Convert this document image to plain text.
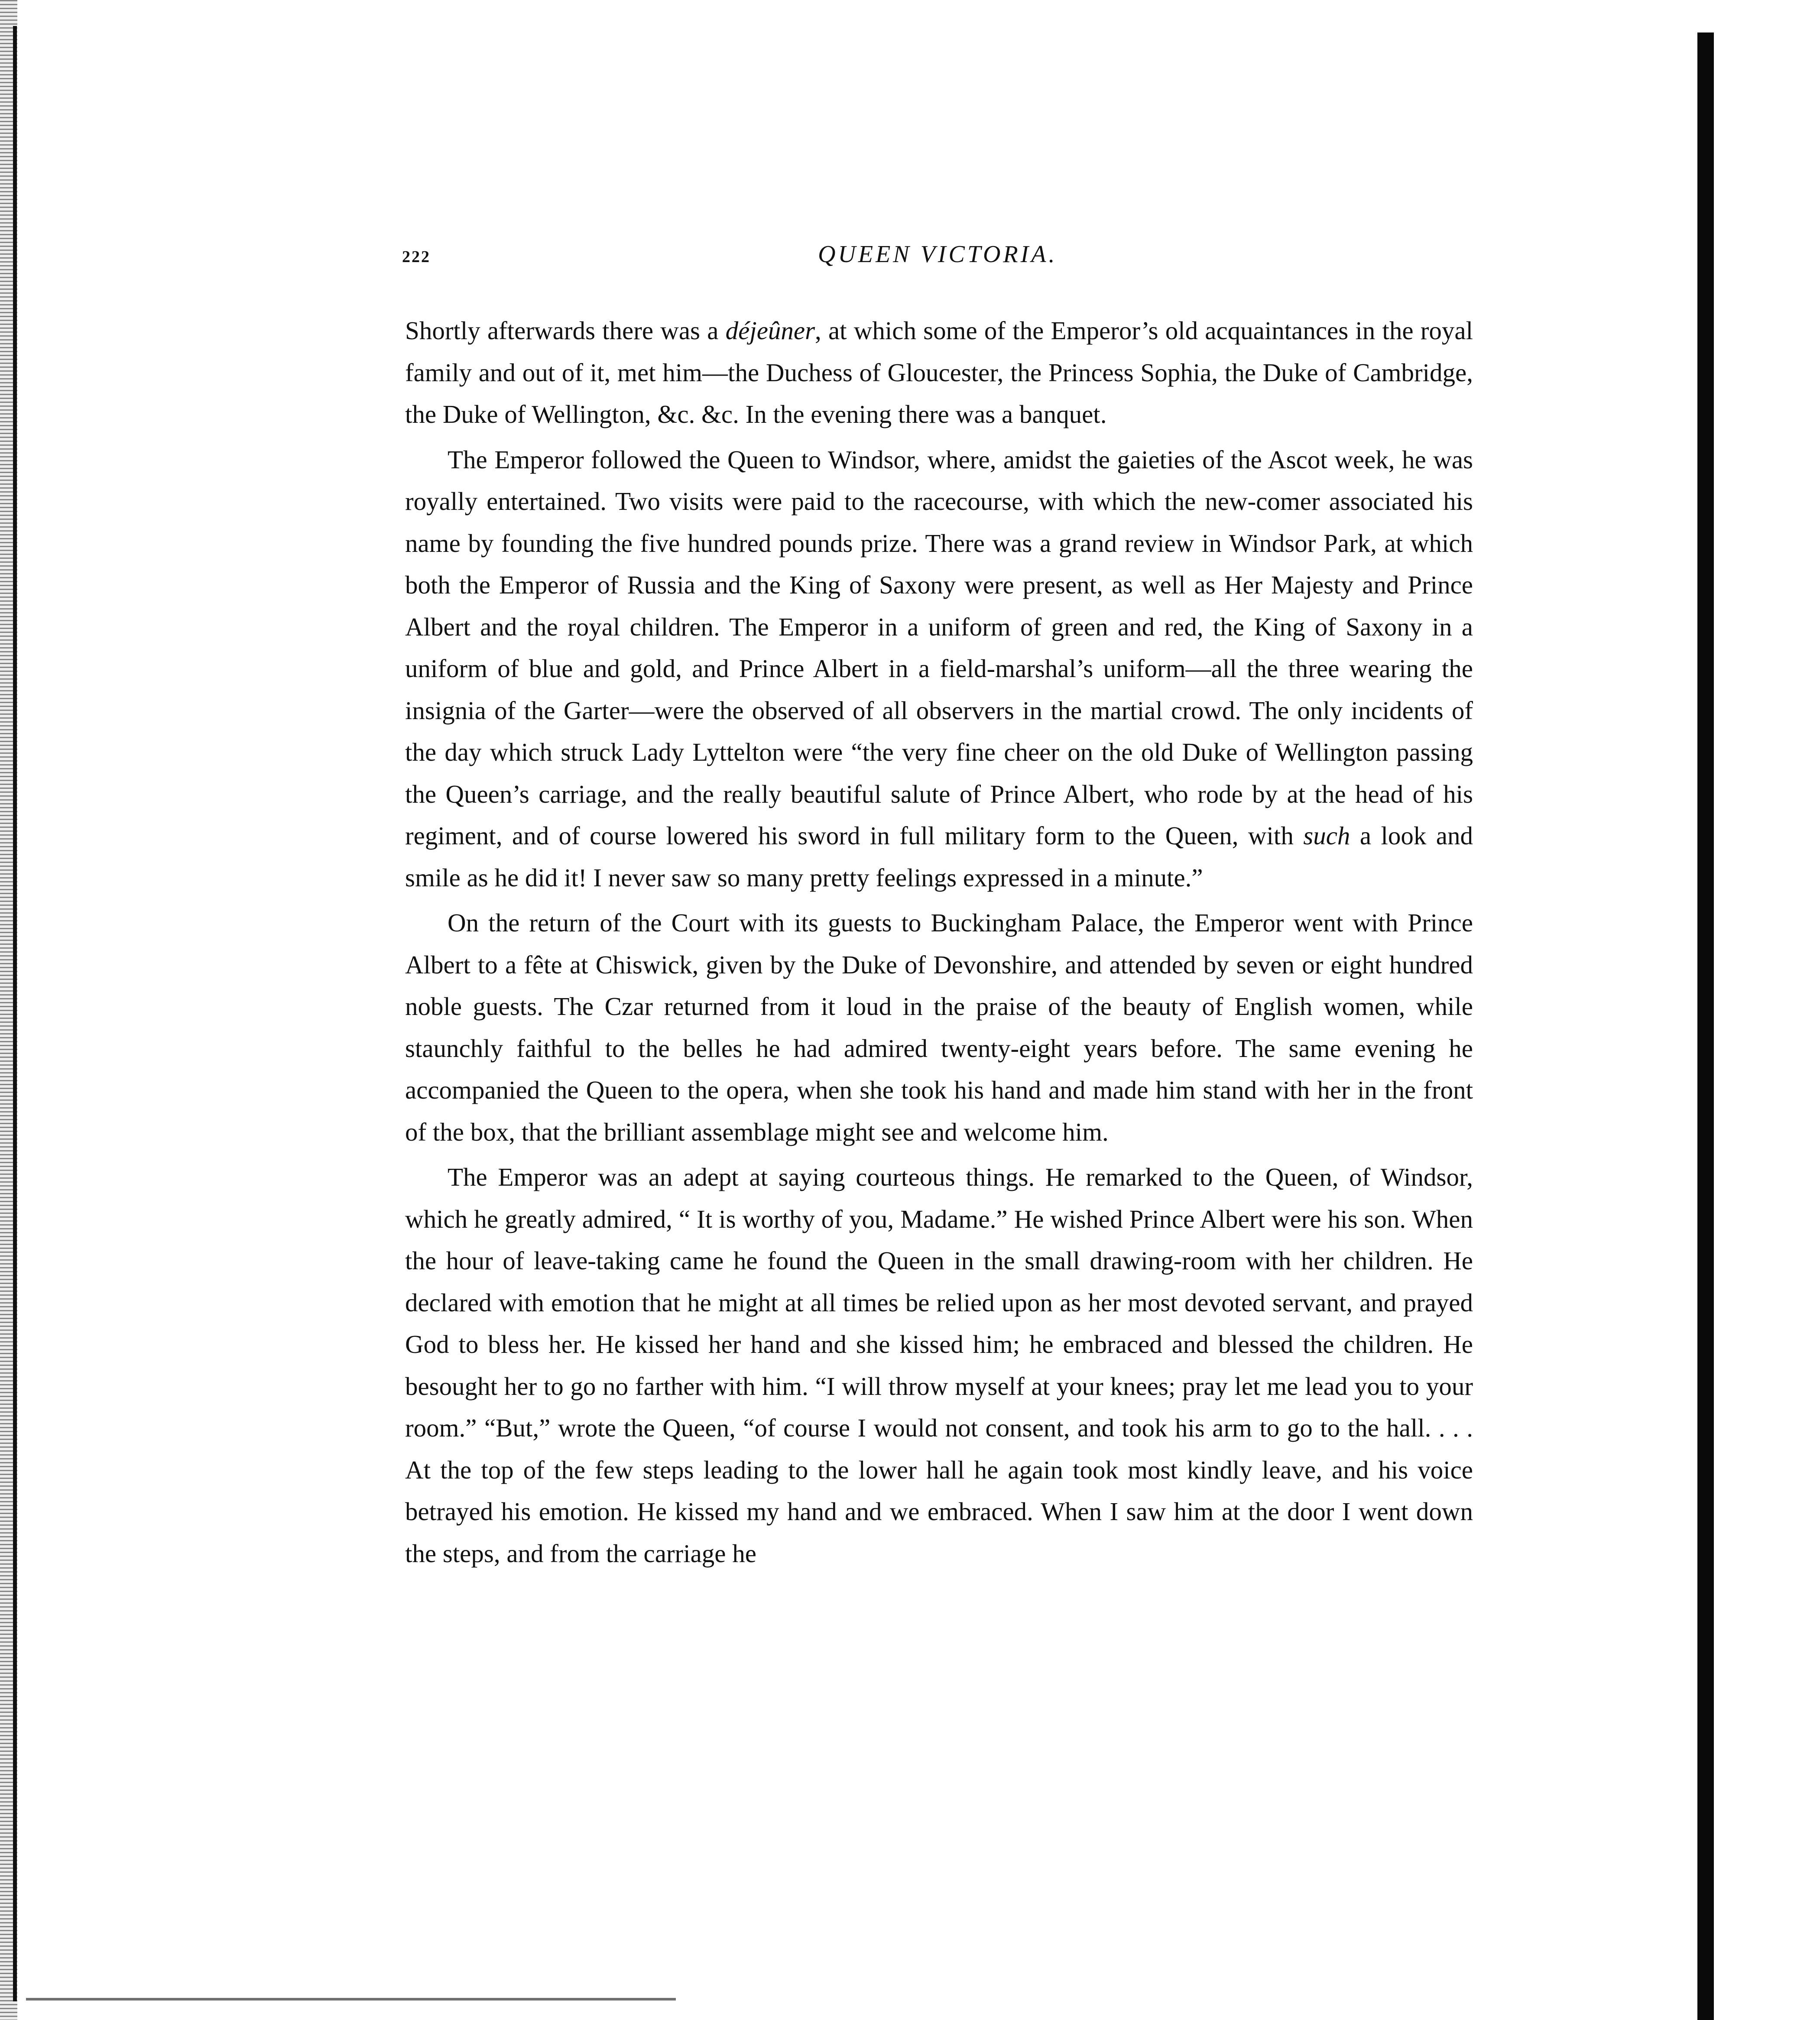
222	QUEEN VICTORIA.

Shortly afterwards there was a déjeûner, at which some of the Emperor’s old acquaintances in the royal family and out of it, met him—the Duchess of Gloucester, the Princess Sophia, the Duke of Cambridge, the Duke of Wellington, &c. &c. In the evening there was a banquet.

The Emperor followed the Queen to Windsor, where, amidst the gaieties of the Ascot week, he was royally entertained. Two visits were paid to the racecourse, with which the new-comer associated his name by founding the five hundred pounds prize. There was a grand review in Windsor Park, at which both the Emperor of Russia and the King of Saxony were present, as well as Her Majesty and Prince Albert and the royal children. The Emperor in a uniform of green and red, the King of Saxony in a uniform of blue and gold, and Prince Albert in a field-marshal’s uniform—all the three wearing the insignia of the Garter—were the observed of all observers in the martial crowd. The only incidents of the day which struck Lady Lyttelton were “the very fine cheer on the old Duke of Wellington passing the Queen’s carriage, and the really beautiful salute of Prince Albert, who rode by at the head of his regiment, and of course lowered his sword in full military form to the Queen, with such a look and smile as he did it! I never saw so many pretty feelings expressed in a minute.”

On the return of the Court with its guests to Buckingham Palace, the Emperor went with Prince Albert to a fête at Chiswick, given by the Duke of Devonshire, and attended by seven or eight hundred noble guests. The Czar returned from it loud in the praise of the beauty of English women, while staunchly faithful to the belles he had admired twenty-eight years before. The same evening he accompanied the Queen to the opera, when she took his hand and made him stand with her in the front of the box, that the brilliant assemblage might see and welcome him.

The Emperor was an adept at saying courteous things. He remarked to the Queen, of Windsor, which he greatly admired, “ It is worthy of you, Madame.” He wished Prince Albert were his son. When the hour of leave-taking came he found the Queen in the small drawing-room with her children. He declared with emotion that he might at all times be relied upon as her most devoted servant, and prayed God to bless her. He kissed her hand and she kissed him; he embraced and blessed the children. He besought her to go no farther with him. “I will throw myself at your knees; pray let me lead you to your room.” “But,” wrote the Queen, “of course I would not consent, and took his arm to go to the hall. . . . At the top of the few steps leading to the lower hall he again took most kindly leave, and his voice betrayed his emotion. He kissed my hand and we embraced. When I saw him at the door I went down the steps, and from the carriage he
